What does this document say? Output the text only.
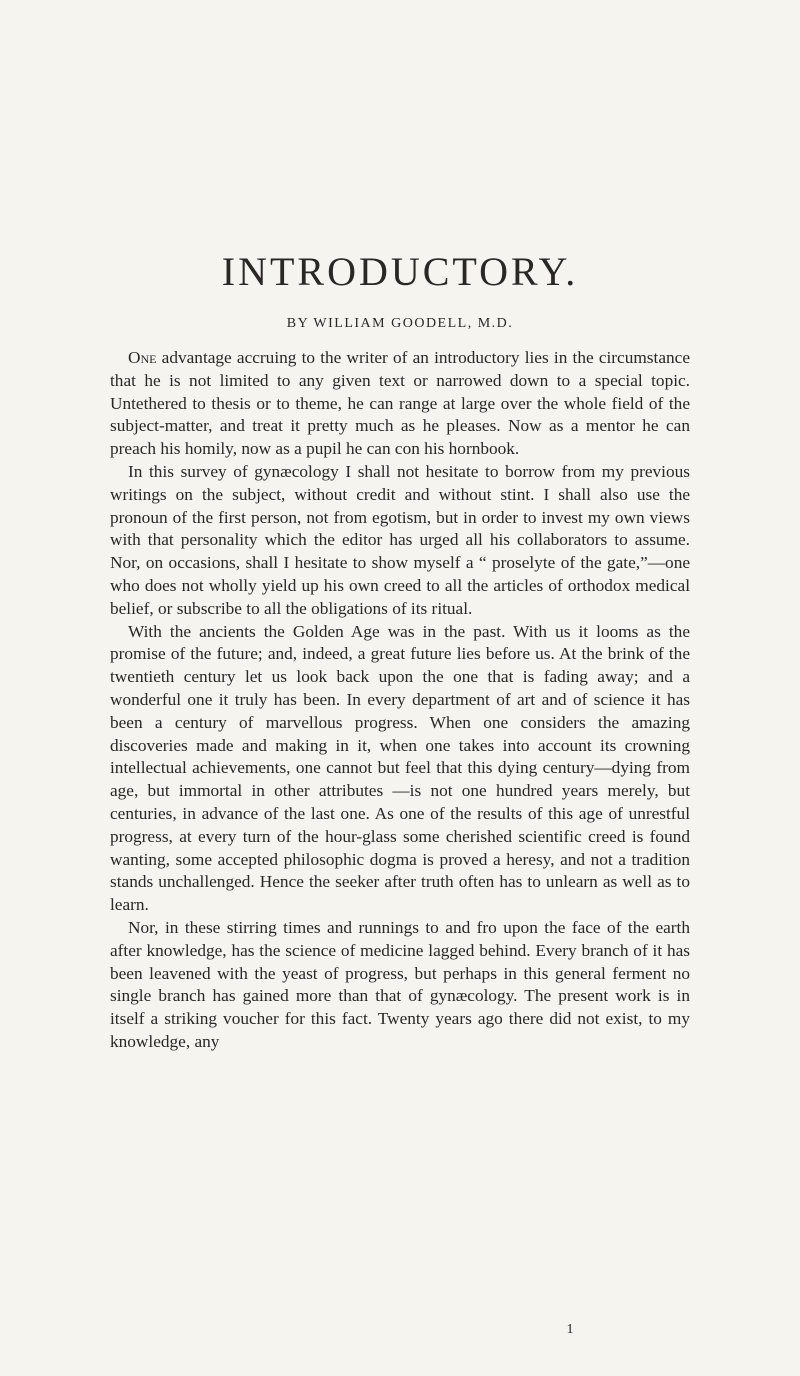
INTRODUCTORY.
BY WILLIAM GOODELL, M.D.

One advantage accruing to the writer of an introductory lies in the circumstance that he is not limited to any given text or narrowed down to a special topic. Untethered to thesis or to theme, he can range at large over the whole field of the subject-matter, and treat it pretty much as he pleases. Now as a mentor he can preach his homily, now as a pupil he can con his hornbook.

In this survey of gynæcology I shall not hesitate to borrow from my previous writings on the subject, without credit and without stint. I shall also use the pronoun of the first person, not from egotism, but in order to invest my own views with that personality which the editor has urged all his collaborators to assume. Nor, on occasions, shall I hesitate to show myself a “ proselyte of the gate,”—one who does not wholly yield up his own creed to all the articles of orthodox medical belief, or subscribe to all the obligations of its ritual.

With the ancients the Golden Age was in the past. With us it looms as the promise of the future; and, indeed, a great future lies before us. At the brink of the twentieth century let us look back upon the one that is fading away; and a wonderful one it truly has been. In every department of art and of science it has been a century of marvellous progress. When one considers the amazing discoveries made and making in it, when one takes into account its crowning intellectual achievements, one cannot but feel that this dying century—dying from age, but immortal in other attributes —is not one hundred years merely, but centuries, in advance of the last one. As one of the results of this age of unrestful progress, at every turn of the hour-glass some cherished scientific creed is found wanting, some accepted philosophic dogma is proved a heresy, and not a tradition stands unchallenged. Hence the seeker after truth often has to unlearn as well as to learn.

Nor, in these stirring times and runnings to and fro upon the face of the earth after knowledge, has the science of medicine lagged behind. Every branch of it has been leavened with the yeast of progress, but perhaps in this general ferment no single branch has gained more than that of gynæcology. The present work is in itself a striking voucher for this fact. Twenty years ago there did not exist, to my knowledge, any

1
